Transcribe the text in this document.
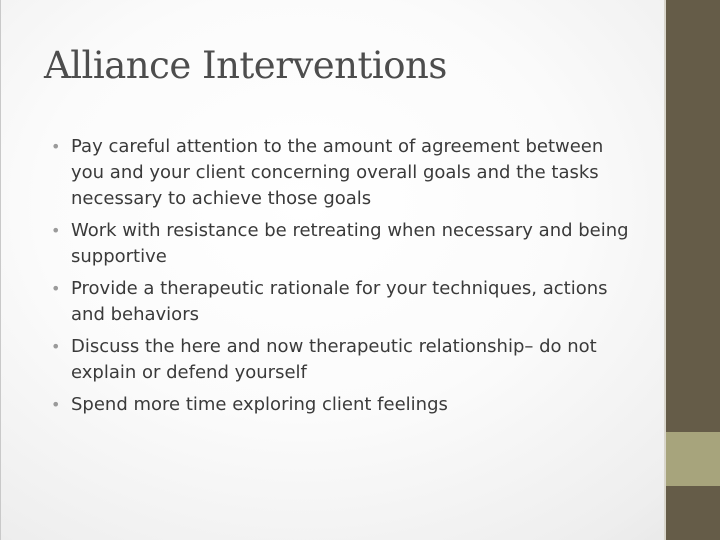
Alliance Interventions
• Pay careful attention to the amount of agreement between you and your client concerning overall goals and the tasks necessary to achieve those goals
• Work with resistance be retreating when necessary and being supportive
• Provide a therapeutic rationale for your techniques, actions and behaviors
• Discuss the here and now therapeutic relationship– do not explain or defend yourself
• Spend more time exploring client feelings
